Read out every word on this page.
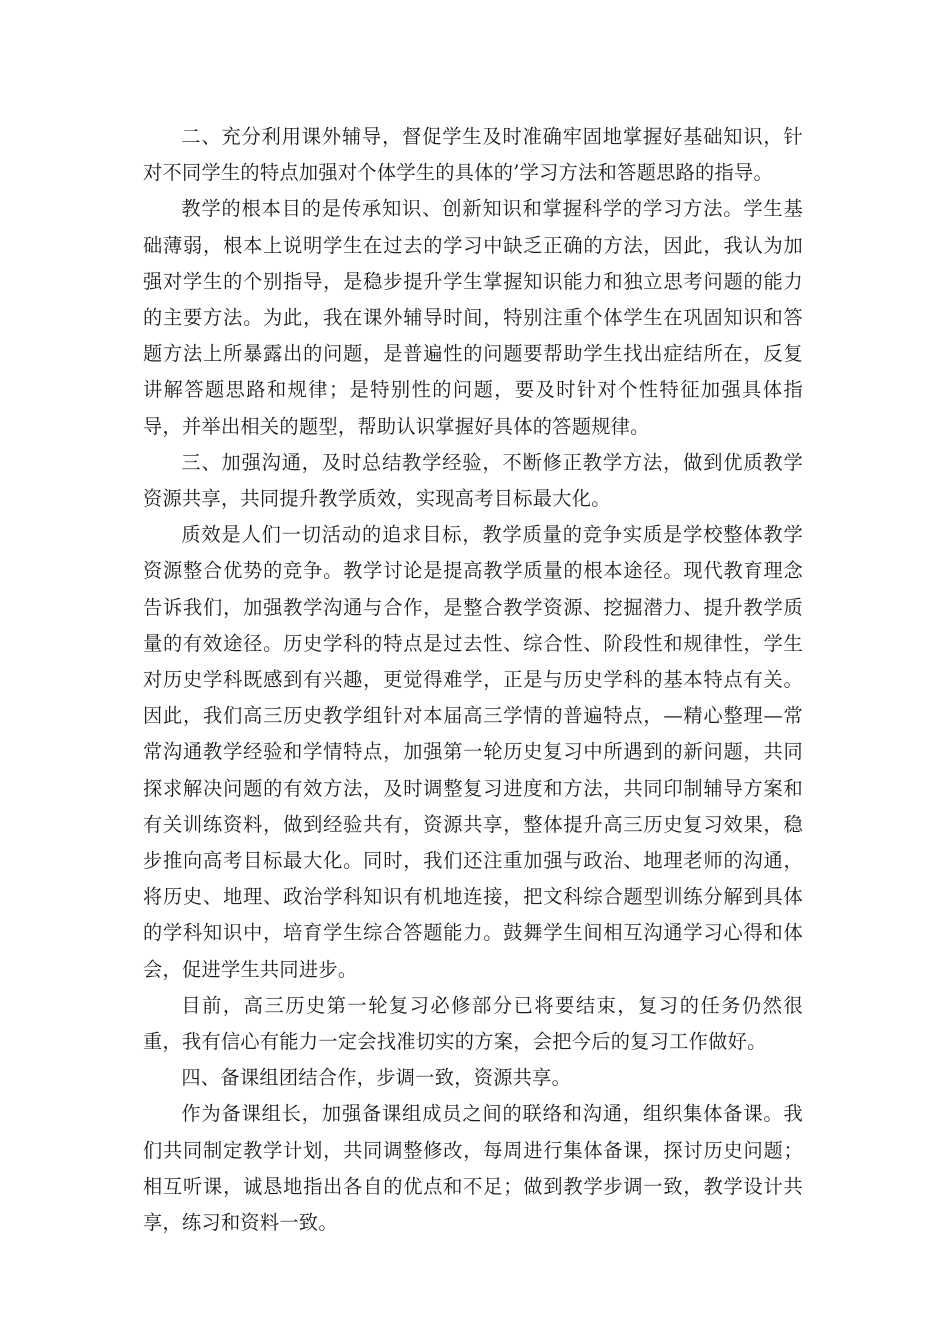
二、充分利用课外辅导，督促学生及时准确牢固地掌握好基础知识，针对不同学生的特点加强对个体学生的具体的’学习方法和答题思路的指导。

教学的根本目的是传承知识、创新知识和掌握科学的学习方法。学生基础薄弱，根本上说明学生在过去的学习中缺乏正确的方法，因此，我认为加强对学生的个别指导，是稳步提升学生掌握知识能力和独立思考问题的能力的主要方法。为此，我在课外辅导时间，特别注重个体学生在巩固知识和答题方法上所暴露出的问题，是普遍性的问题要帮助学生找出症结所在，反复讲解答题思路和规律；是特别性的问题，要及时针对个性特征加强具体指导，并举出相关的题型，帮助认识掌握好具体的答题规律。

三、加强沟通，及时总结教学经验，不断修正教学方法，做到优质教学资源共享，共同提升教学质效，实现高考目标最大化。

质效是人们一切活动的追求目标，教学质量的竞争实质是学校整体教学资源整合优势的竞争。教学讨论是提高教学质量的根本途径。现代教育理念告诉我们，加强教学沟通与合作，是整合教学资源、挖掘潜力、提升教学质量的有效途径。历史学科的特点是过去性、综合性、阶段性和规律性，学生对历史学科既感到有兴趣，更觉得难学，正是与历史学科的基本特点有关。因此，我们高三历史教学组针对本届高三学情的普遍特点，—精心整理—常常沟通教学经验和学情特点，加强第一轮历史复习中所遇到的新问题，共同探求解决问题的有效方法，及时调整复习进度和方法，共同印制辅导方案和有关训练资料，做到经验共有，资源共享，整体提升高三历史复习效果，稳步推向高考目标最大化。同时，我们还注重加强与政治、地理老师的沟通，将历史、地理、政治学科知识有机地连接，把文科综合题型训练分解到具体的学科知识中，培育学生综合答题能力。鼓舞学生间相互沟通学习心得和体会，促进学生共同进步。

目前，高三历史第一轮复习必修部分已将要结束，复习的任务仍然很重，我有信心有能力一定会找准切实的方案，会把今后的复习工作做好。

四、备课组团结合作，步调一致，资源共享。

作为备课组长，加强备课组成员之间的联络和沟通，组织集体备课。我们共同制定教学计划，共同调整修改，每周进行集体备课，探讨历史问题；相互听课，诚恳地指出各自的优点和不足；做到教学步调一致，教学设计共享，练习和资料一致。
